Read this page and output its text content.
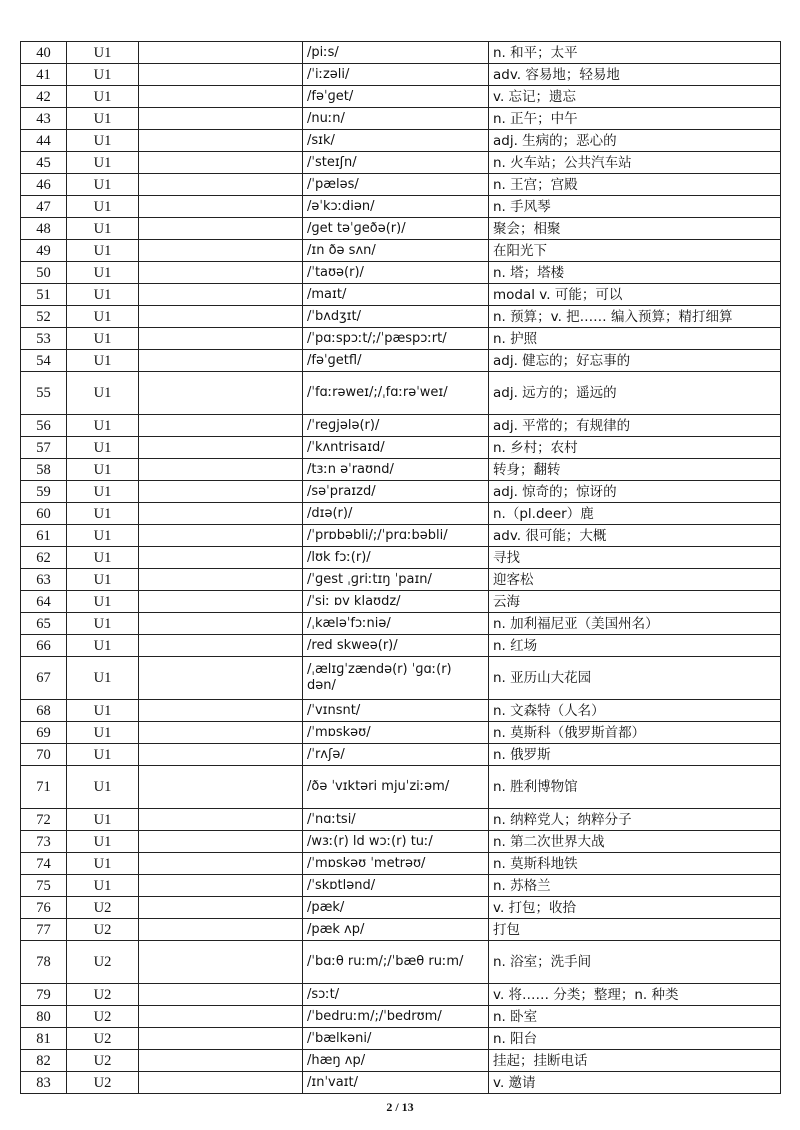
40	U1		/piːs/	n. 和平；太平
41	U1		/ˈiːzəli/	adv. 容易地；轻易地
42	U1		/fəˈɡet/	v. 忘记；遗忘
43	U1		/nuːn/	n. 正午；中午
44	U1		/sɪk/	adj. 生病的；恶心的
45	U1		/ˈsteɪʃn/	n. 火车站；公共汽车站
46	U1		/ˈpæləs/	n. 王宫；宫殿
47	U1		/əˈkɔːdiən/	n. 手风琴
48	U1		/ɡet təˈɡeðə(r)/	聚会；相聚
49	U1		/ɪn ðə sʌn/	在阳光下
50	U1		/ˈtaʊə(r)/	n. 塔；塔楼
51	U1		/maɪt/	modal v. 可能；可以
52	U1		/ˈbʌdʒɪt/	n. 预算；v. 把…… 编入预算；精打细算
53	U1		/ˈpɑːspɔːt/;/ˈpæspɔːrt/	n. 护照
54	U1		/fəˈɡetfl/	adj. 健忘的；好忘事的
55	U1		/ˈfɑːrəweɪ/;/ˌfɑːrəˈweɪ/	adj. 远方的；遥远的
56	U1		/ˈreɡjələ(r)/	adj. 平常的；有规律的
57	U1		/ˈkʌntrisaɪd/	n. 乡村；农村
58	U1		/tɜːn əˈraʊnd/	转身；翻转
59	U1		/səˈpraɪzd/	adj. 惊奇的；惊讶的
60	U1		/dɪə(r)/	n.（pl.deer）鹿
61	U1		/ˈprɒbəbli/;/ˈprɑːbəbli/	adv. 很可能；大概
62	U1		/lʊk fɔː(r)/	寻找
63	U1		/ˈɡest ˌɡriːtɪŋ ˈpaɪn/	迎客松
64	U1		/ˈsiː ɒv klaʊdz/	云海
65	U1		/ˌkæləˈfɔːniə/	n. 加利福尼亚（美国州名）
66	U1		/red skweə(r)/	n. 红场
67	U1		/ˌælɪɡˈzændə(r) ˈɡɑː(r) dən/	n. 亚历山大花园
68	U1		/ˈvɪnsnt/	n. 文森特（人名）
69	U1		/ˈmɒskəʊ/	n. 莫斯科（俄罗斯首都）
70	U1		/ˈrʌʃə/	n. 俄罗斯
71	U1		/ðə ˈvɪktəri mjuˈziːəm/	n. 胜利博物馆
72	U1		/ˈnɑːtsi/	n. 纳粹党人；纳粹分子
73	U1		/wɜː(r) ld wɔː(r) tuː/	n. 第二次世界大战
74	U1		/ˈmɒskəʊ ˈmetrəʊ/	n. 莫斯科地铁
75	U1		/ˈskɒtlənd/	n. 苏格兰
76	U2		/pæk/	v. 打包；收拾
77	U2		/pæk ʌp/	打包
78	U2		/ˈbɑːθ ruːm/;/ˈbæθ ruːm/	n. 浴室；洗手间
79	U2		/sɔːt/	v. 将…… 分类；整理；n. 种类
80	U2		/ˈbedruːm/;/ˈbedrʊm/	n. 卧室
81	U2		/ˈbælkəni/	n. 阳台
82	U2		/hæŋ ʌp/	挂起；挂断电话
83	U2		/ɪnˈvaɪt/	v. 邀请
2 / 13
